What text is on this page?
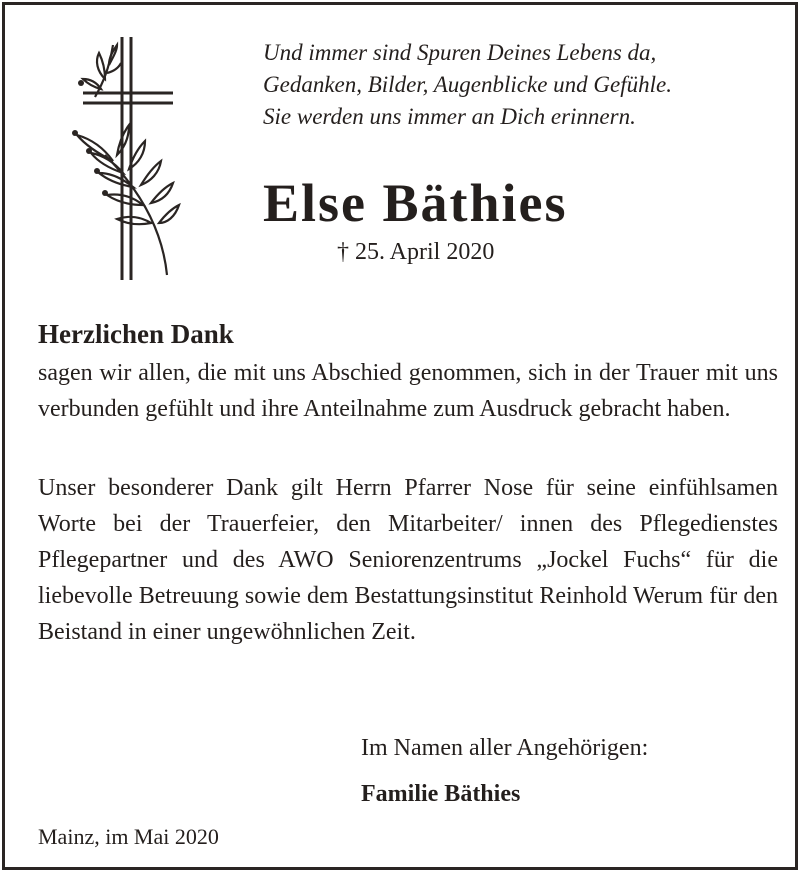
Und immer sind Spuren Deines Lebens da,
Gedanken, Bilder, Augenblicke und Gefühle.
Sie werden uns immer an Dich erinnern.
Else Bäthies
† 25. April 2020
Herzlichen Dank
sagen wir allen, die mit uns Abschied genommen, sich in der Trauer mit uns verbunden gefühlt und ihre Anteilnahme zum Ausdruck gebracht haben.
Unser besonderer Dank gilt Herrn Pfarrer Nose für seine einfühlsamen Worte bei der Trauerfeier, den Mitarbeiter/ innen des Pflegedienstes Pflegepartner und des AWO Seniorenzentrums „Jockel Fuchs“ für die liebevolle Betreuung sowie dem Bestattungsinstitut Reinhold Werum für den Beistand in einer ungewöhnlichen Zeit.
Im Namen aller Angehörigen:
Familie Bäthies
Mainz, im Mai 2020
